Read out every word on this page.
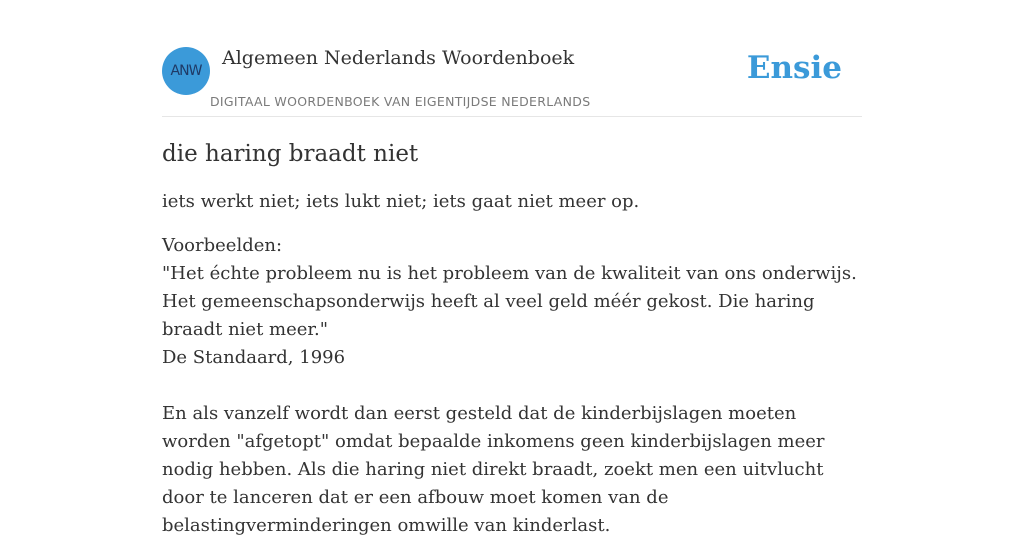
ANW
Algemeen Nederlands Woordenboek
DIGITAAL WOORDENBOEK VAN EIGENTIJDSE NEDERLANDS
Ensie
die haring braadt niet
iets werkt niet; iets lukt niet; iets gaat niet meer op.
Voorbeelden:
"Het échte probleem nu is het probleem van de kwaliteit van ons onderwijs. Het gemeenschapsonderwijs heeft al veel geld méér gekost. Die haring braadt niet meer."
De Standaard, 1996
En als vanzelf wordt dan eerst gesteld dat de kinderbijslagen moeten worden "afgetopt" omdat bepaalde inkomens geen kinderbijslagen meer nodig hebben. Als die haring niet direkt braadt, zoekt men een uitvlucht door te lanceren dat er een afbouw moet komen van de belastingverminderingen omwille van kinderlast.
